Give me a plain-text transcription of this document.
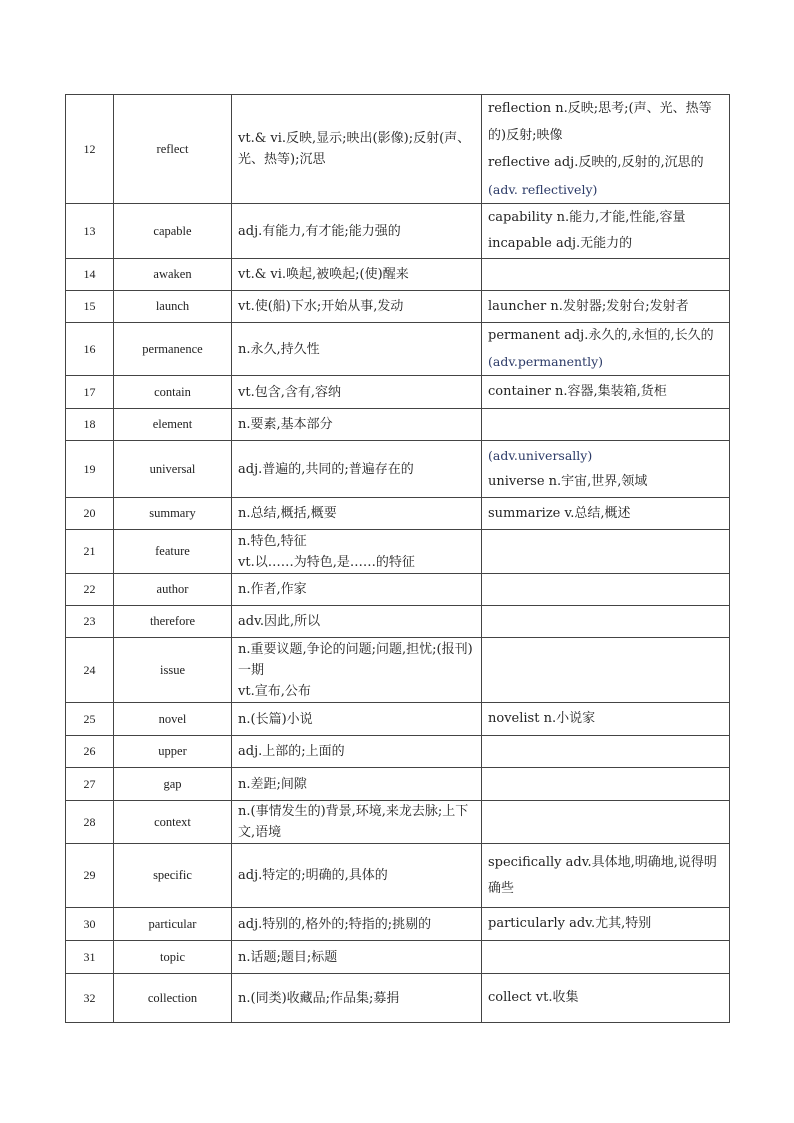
12	reflect	vt.& vi.反映,显示;映出(影像);反射(声、光、热等);沉思	reflection n.反映;思考;(声、光、热等的)反射;映像
reflective adj.反映的,反射的,沉思的
(adv. reflectively)

13	capable	adj.有能力,有才能;能力强的	capability n.能力,才能,性能,容量
incapable adj.无能力的

14	awaken	vt.& vi.唤起,被唤起;(使)醒来	

15	launch	vt.使(船)下水;开始从事,发动	launcher n.发射器;发射台;发射者

16	permanence	n.永久,持久性	permanent adj.永久的,永恒的,长久的
(adv.permanently)

17	contain	vt.包含,含有,容纳	container n.容器,集装箱,货柜

18	element	n.要素,基本部分	

19	universal	adj.普遍的,共同的;普遍存在的	(adv.universally)
universe n.宇宙,世界,领域

20	summary	n.总结,概括,概要	summarize v.总结,概述

21	feature	n.特色,特征
vt.以……为特色,是……的特征	

22	author	n.作者,作家	

23	therefore	adv.因此,所以	

24	issue	n.重要议题,争论的问题;问题,担忧;(报刊)一期
vt.宣布,公布	

25	novel	n.(长篇)小说	novelist n.小说家

26	upper	adj.上部的;上面的	

27	gap	n.差距;间隙	

28	context	n.(事情发生的)背景,环境,来龙去脉;上下文,语境	

29	specific	adj.特定的;明确的,具体的	specifically adv.具体地,明确地,说得明确些

30	particular	adj.特别的,格外的;特指的;挑剔的	particularly adv.尤其,特别

31	topic	n.话题;题目;标题	

32	collection	n.(同类)收藏品;作品集;募捐	collect vt.收集
